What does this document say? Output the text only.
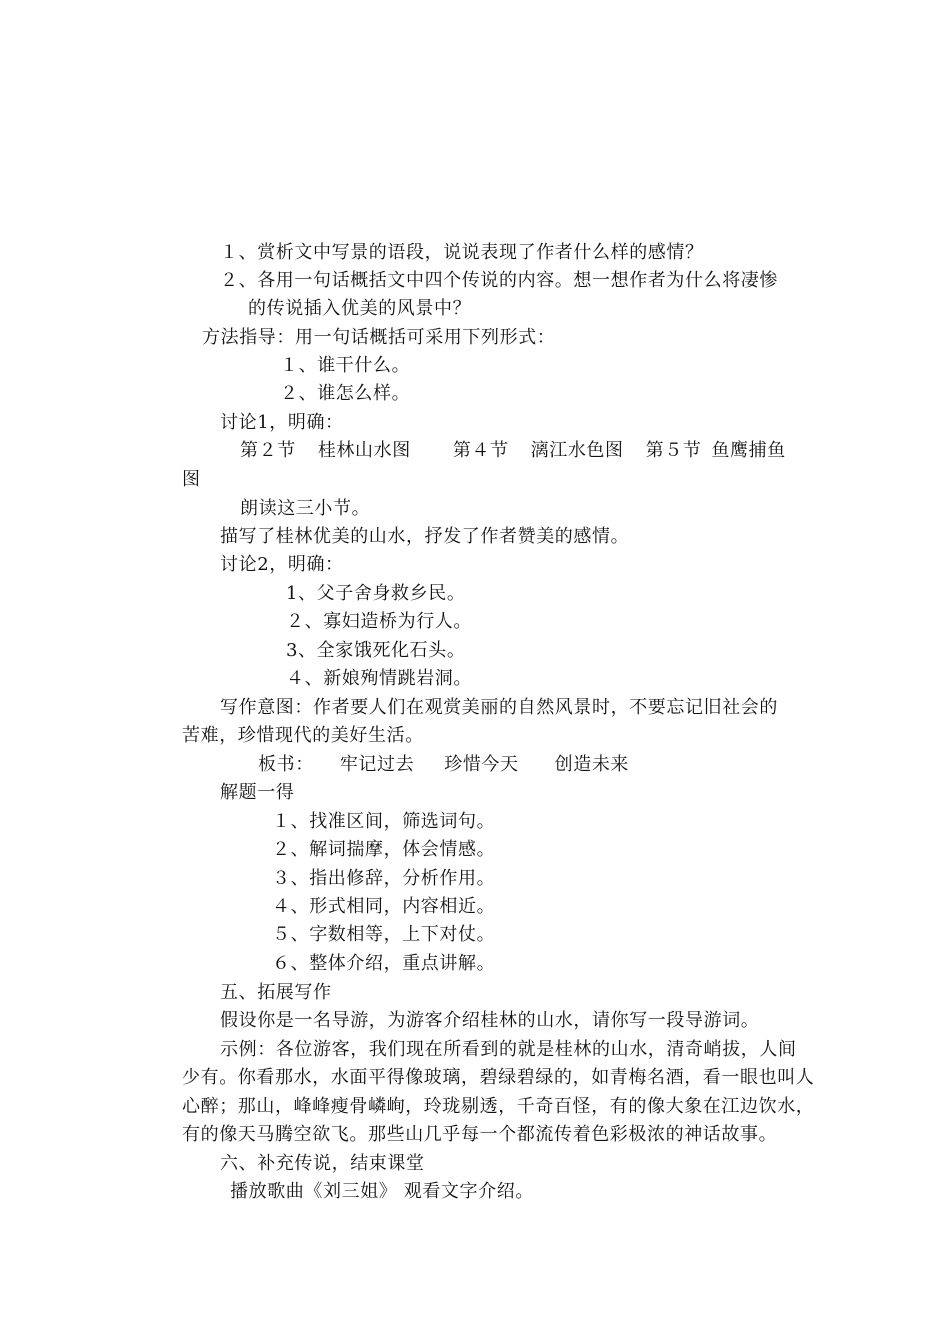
１、赏析文中写景的语段，说说表现了作者什么样的感情？
２、各用一句话概括文中四个传说的内容。想一想作者为什么将凄惨
的传说插入优美的风景中？
方法指导：用一句话概括可采用下列形式：
１、谁干什么。
２、谁怎么样。
讨论1，明确：
第２节 桂林山水图 第４节 漓江水色图 第５节 鱼鹰捕鱼
图
朗读这三小节。
描写了桂林优美的山水，抒发了作者赞美的感情。
讨论2，明确：
1、父子舍身救乡民。
２、寡妇造桥为行人。
3、全家饿死化石头。
４、新娘殉情跳岩洞。
写作意图：作者要人们在观赏美丽的自然风景时，不要忘记旧社会的
苦难，珍惜现代的美好生活。
板书： 牢记过去 珍惜今天 创造未来
解题一得
１、找准区间，筛选词句。
２、解词揣摩，体会情感。
３、指出修辞，分析作用。
４、形式相同，内容相近。
５、字数相等，上下对仗。
６、整体介绍，重点讲解。
五、拓展写作
假设你是一名导游，为游客介绍桂林的山水，请你写一段导游词。
示例：各位游客，我们现在所看到的就是桂林的山水，清奇峭拔，人间
少有。你看那水，水面平得像玻璃，碧绿碧绿的，如青梅名酒，看一眼也叫人
心醉；那山，峰峰瘦骨嶙峋，玲珑剔透，千奇百怪，有的像大象在江边饮水，
有的像天马腾空欲飞。那些山几乎每一个都流传着色彩极浓的神话故事。
六、补充传说，结束课堂
播放歌曲《刘三姐》 观看文字介绍。
